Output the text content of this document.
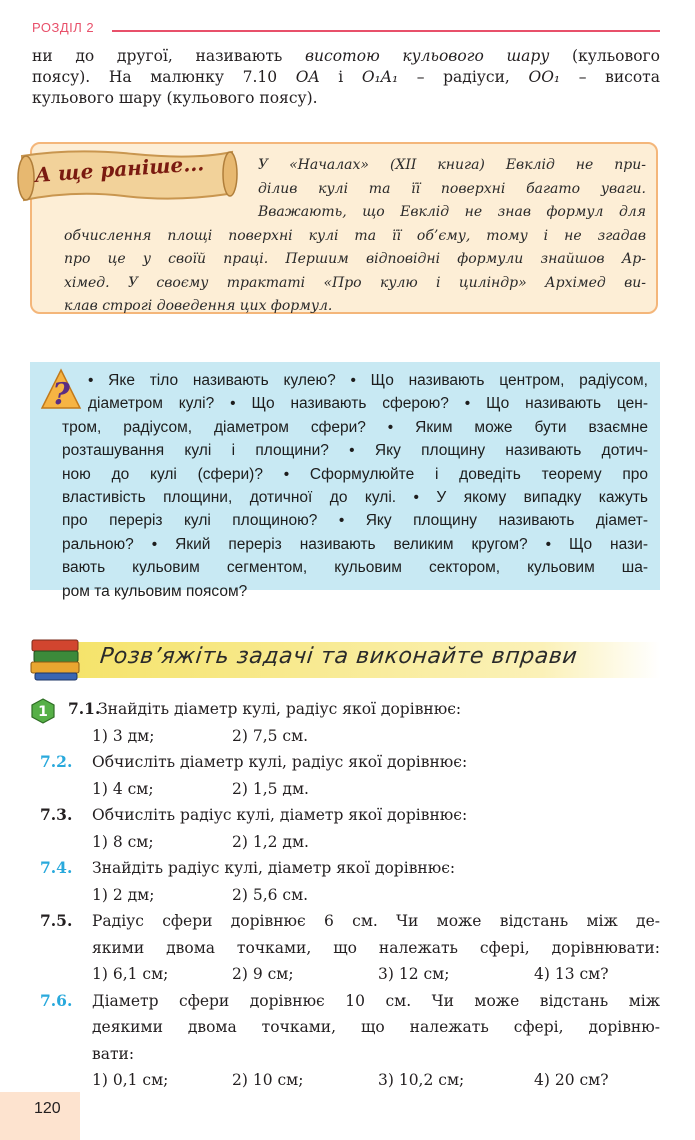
РОЗДІЛ 2
ни до другої, називають висотою кульового шару (кульового
поясу). На малюнку 7.10 OA і O₁A₁ – радіуси, OO₁ – висота
кульового шару (кульового поясу).
А ще раніше...	У «Началах» (XII книга) Евклід не при-
ділив кулі та її поверхні багато уваги.
Вважають, що Евклід не знав формул для
обчислення площі поверхні кулі та її об’єму, тому і не згадав
про це у своїй праці. Першим відповідні формули знайшов Ар-
хімед. У своєму трактаті «Про кулю і циліндр» Архімед ви-
клав строгі доведення цих формул.
? • Яке тіло називають кулею? • Що називають центром, радіусом,
діаметром кулі? • Що називають сферою? • Що називають цен-
тром, радіусом, діаметром сфери? • Яким може бути взаємне
розташування кулі і площини? • Яку площину називають дотич-
ною до кулі (сфери)? • Сформулюйте і доведіть теорему про
властивість площини, дотичної до кулі. • У якому випадку кажуть
про переріз кулі площиною? • Яку площину називають діамет-
ральною? • Який переріз називають великим кругом? • Що нази-
вають кульовим сегментом, кульовим сектором, кульовим ша-
ром та кульовим поясом?
Розв’яжіть задачі та виконайте вправи
1	7.1.
Знайдіть діаметр кулі, радіус якої дорівнює:
1) 3 дм;	2) 7,5 см.
7.2.	Обчисліть діаметр кулі, радіус якої дорівнює:
1) 4 см;	2) 1,5 дм.
7.3.	Обчисліть радіус кулі, діаметр якої дорівнює:
1) 8 см;	2) 1,2 дм.
7.4.	Знайдіть радіус кулі, діаметр якої дорівнює:
1) 2 дм;	2) 5,6 см.
7.5.	Радіус сфери дорівнює 6 см. Чи може відстань між де-
якими двома точками, що належать сфері, дорівнювати:
1) 6,1 см;	2) 9 см;	3) 12 см;	4) 13 см?
7.6.	Діаметр сфери дорівнює 10 см. Чи може відстань між
деякими двома точками, що належать сфері, дорівню-
вати:
1) 0,1 см;	2) 10 см;	3) 10,2 см;	4) 20 см?
120
